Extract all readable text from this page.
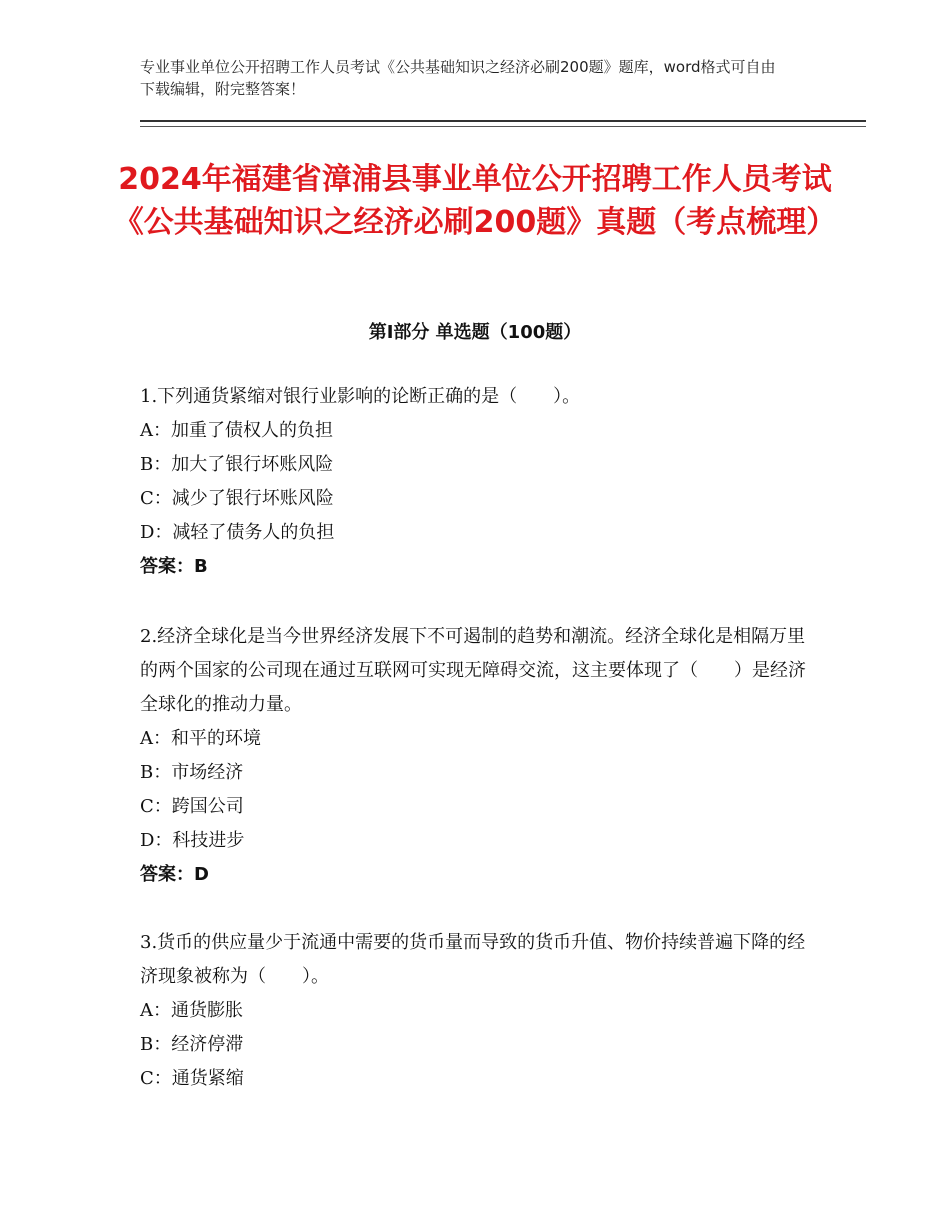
专业事业单位公开招聘工作人员考试《公共基础知识之经济必刷200题》题库，word格式可自由下载编辑，附完整答案！
2024年福建省漳浦县事业单位公开招聘工作人员考试《公共基础知识之经济必刷200题》真题（考点梳理）
第Ⅰ部分 单选题（100题）

1.下列通货紧缩对银行业影响的论断正确的是（　　）。

A：加重了债权人的负担

B：加大了银行坏账风险

C：减少了银行坏账风险

D：减轻了债务人的负担

答案：B

2.经济全球化是当今世界经济发展下不可遏制的趋势和潮流。经济全球化是相隔万里的两个国家的公司现在通过互联网可实现无障碍交流，这主要体现了（　　）是经济全球化的推动力量。

A：和平的环境

B：市场经济

C：跨国公司

D：科技进步

答案：D

3.货币的供应量少于流通中需要的货币量而导致的货币升值、物价持续普遍下降的经济现象被称为（　　）。

A：通货膨胀

B：经济停滞

C：通货紧缩
